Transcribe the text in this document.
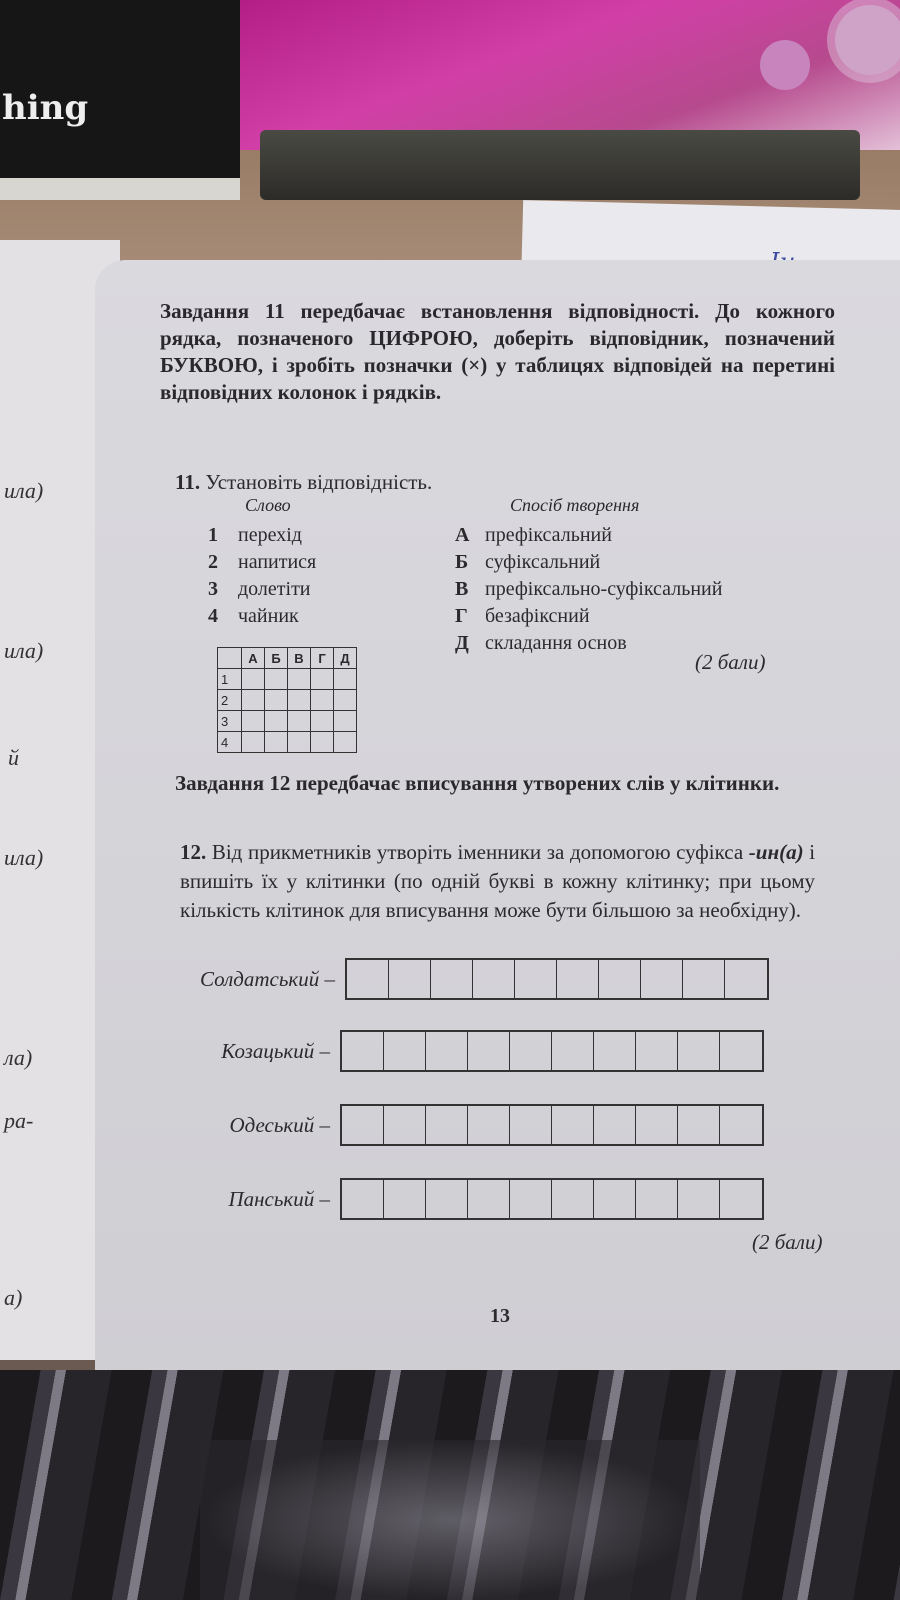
hing
ила)
ила)
й
ила)
ла)
ра-
а)
Завдання 11 передбачає встановлення відповідності. До кожного рядка, позначеного ЦИФРОЮ, доберіть відповідник, позначений БУКВОЮ, і зробіть позначки (×) у таблицях відповідей на перетині відповідних колонок і рядків.
11. Установіть відповідність.
Слово	Спосіб творення
1 перехід
2 напитися
3 долетіти
4 чайник
А префіксальний
Б суфіксальний
В префіксально-суфіксальний
Г безафіксний
Д складання основ
	А	Б	В	Г	Д
1					
2					
3					
4					
(2 бали)
Завдання 12 передбачає вписування утворених слів у клітинки.
12. Від прикметників утворіть іменники за допомогою суфікса -ин(а) і впишіть їх у клітинки (по одній букві в кожну клітинку; при цьому кількість клітинок для вписування може бути більшою за необхідну).
Солдатський –
Козацький –
Одеський –
Панський –
(2 бали)
13
